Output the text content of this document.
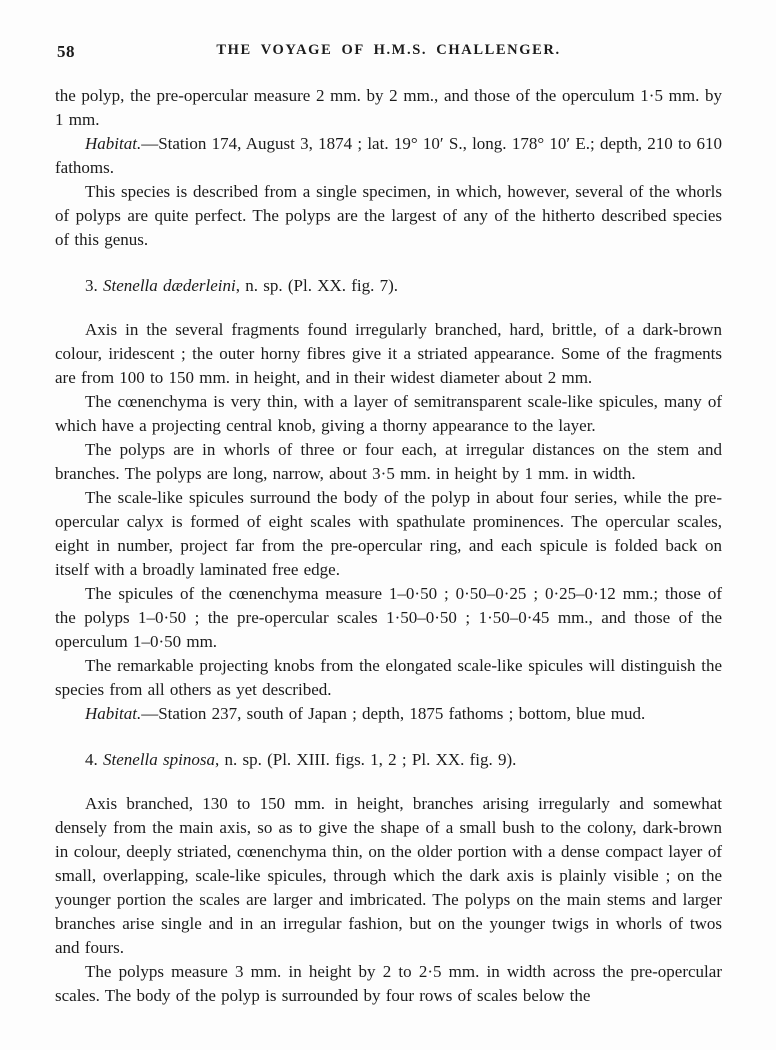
58	THE VOYAGE OF H.M.S. CHALLENGER.

the polyp, the pre-opercular measure 2 mm. by 2 mm., and those of the operculum 1·5 mm. by 1 mm.

Habitat.—Station 174, August 3, 1874 ; lat. 19° 10′ S., long. 178° 10′ E.; depth, 210 to 610 fathoms.

This species is described from a single specimen, in which, however, several of the whorls of polyps are quite perfect. The polyps are the largest of any of the hitherto described species of this genus.

3. Stenella dæderleini, n. sp. (Pl. XX. fig. 7).

Axis in the several fragments found irregularly branched, hard, brittle, of a dark-brown colour, iridescent ; the outer horny fibres give it a striated appearance. Some of the fragments are from 100 to 150 mm. in height, and in their widest diameter about 2 mm.

The cœnenchyma is very thin, with a layer of semitransparent scale-like spicules, many of which have a projecting central knob, giving a thorny appearance to the layer.

The polyps are in whorls of three or four each, at irregular distances on the stem and branches. The polyps are long, narrow, about 3·5 mm. in height by 1 mm. in width.

The scale-like spicules surround the body of the polyp in about four series, while the pre-opercular calyx is formed of eight scales with spathulate prominences. The opercular scales, eight in number, project far from the pre-opercular ring, and each spicule is folded back on itself with a broadly laminated free edge.

The spicules of the cœnenchyma measure 1–0·50 ; 0·50–0·25 ; 0·25–0·12 mm.; those of the polyps 1–0·50 ; the pre-opercular scales 1·50–0·50 ; 1·50–0·45 mm., and those of the operculum 1–0·50 mm.

The remarkable projecting knobs from the elongated scale-like spicules will distinguish the species from all others as yet described.

Habitat.—Station 237, south of Japan ; depth, 1875 fathoms ; bottom, blue mud.

4. Stenella spinosa, n. sp. (Pl. XIII. figs. 1, 2 ; Pl. XX. fig. 9).

Axis branched, 130 to 150 mm. in height, branches arising irregularly and somewhat densely from the main axis, so as to give the shape of a small bush to the colony, dark-brown in colour, deeply striated, cœnenchyma thin, on the older portion with a dense compact layer of small, overlapping, scale-like spicules, through which the dark axis is plainly visible ; on the younger portion the scales are larger and imbricated. The polyps on the main stems and larger branches arise single and in an irregular fashion, but on the younger twigs in whorls of twos and fours.

The polyps measure 3 mm. in height by 2 to 2·5 mm. in width across the pre-opercular scales. The body of the polyp is surrounded by four rows of scales below the
